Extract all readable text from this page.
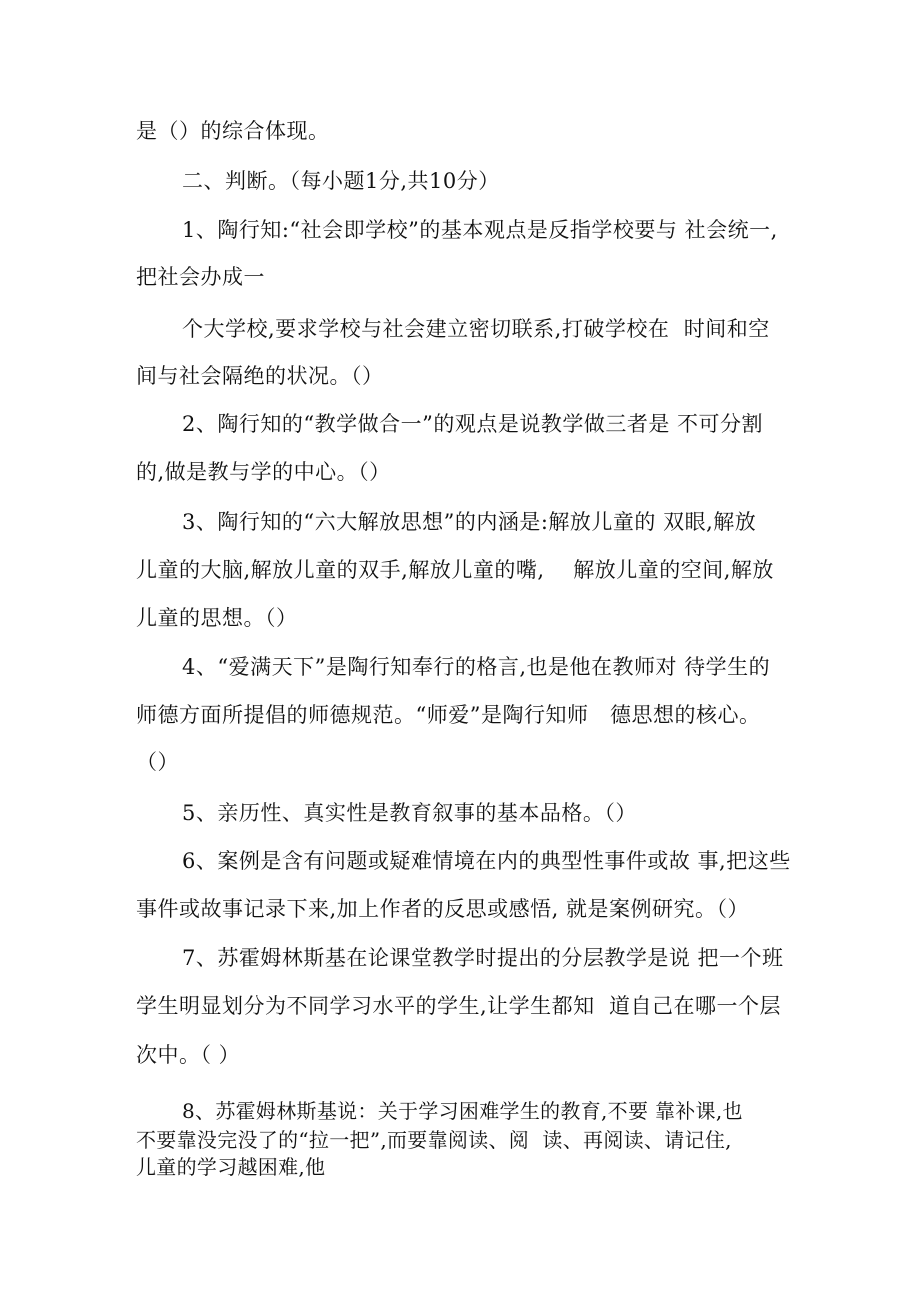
是（）的综合体现。
二、判断。（每小题1分,共10分）
1、陶行知:“社会即学校”的基本观点是反指学校要与 社会统一,
把社会办成一
个大学校,要求学校与社会建立密切联系,打破学校在  时间和空
间与社会隔绝的状况。（）
2、陶行知的“教学做合一”的观点是说教学做三者是 不可分割
的,做是教与学的中心。（）
3、陶行知的“六大解放思想”的内涵是:解放儿童的 双眼,解放
儿童的大脑,解放儿童的双手,解放儿童的嘴,    解放儿童的空间,解放
儿童的思想。（）
4、“爱满天下”是陶行知奉行的格言,也是他在教师对 待学生的
师德方面所提倡的师德规范。“师爱”是陶行知师   德思想的核心。
（）
5、亲历性、真实性是教育叙事的基本品格。（）
6、案例是含有问题或疑难情境在内的典型性事件或故 事,把这些
事件或故事记录下来,加上作者的反思或感悟, 就是案例研究。（）
7、苏霍姆林斯基在论课堂教学时提出的分层教学是说 把一个班
学生明显划分为不同学习水平的学生,让学生都知  道自己在哪一个层
次中。（ ）
8、苏霍姆林斯基说：关于学习困难学生的教育,不要 靠补课,也
不要靠没完没了的“拉一把”,而要靠阅读、阅  读、再阅读、请记住,
儿童的学习越困难,他
